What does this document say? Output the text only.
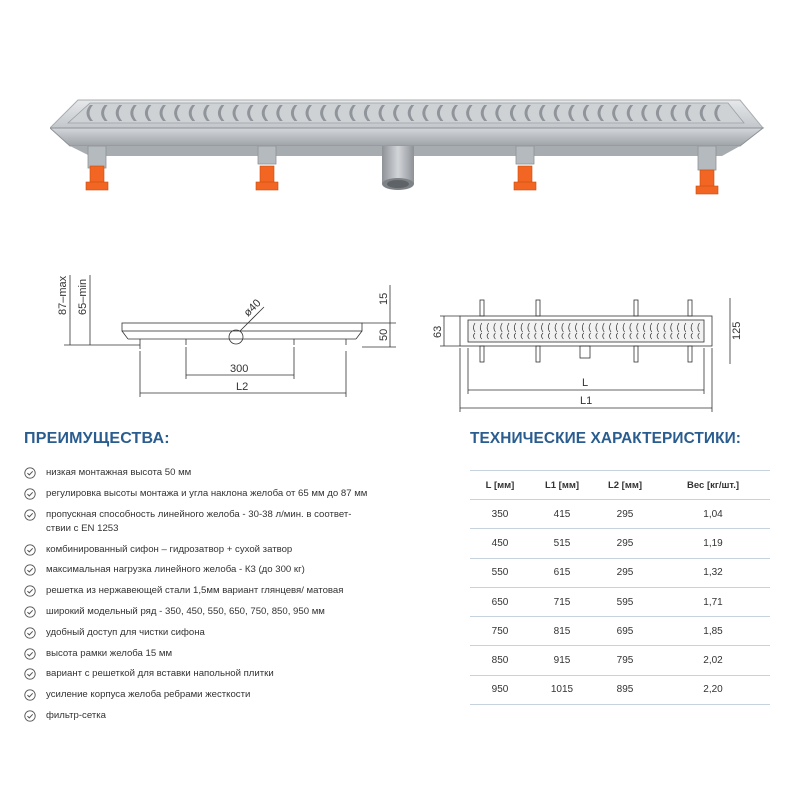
87–max 65–min	15
50
ø40
300
L2
63	125
L
L1
ПРЕИМУЩЕСТВА:
низкая монтажная высота 50 мм
регулировка высоты монтажа и угла наклона желоба от 65 мм до 87 мм
пропускная способность линейного желоба - 30-38 л/мин. в соответ-
ствии с EN 1253
комбинированный сифон – гидрозатвор + сухой затвор
максимальная нагрузка линейного желоба - К3 (до 300 кг)
решетка из нержавеющей стали 1,5мм вариант глянцевя/ матовая
широкий модельный ряд - 350, 450, 550, 650, 750, 850, 950 мм
удобный доступ для чистки сифона
высота рамки желоба 15 мм
вариант с решеткой для вставки напольной плитки
усиление корпуса желоба ребрами жесткости
фильтр-сетка
ТЕХНИЧЕСКИЕ ХАРАКТЕРИСТИКИ:
L [мм]	L1 [мм]	L2 [мм]	Вес [кг/шт.]
350	415	295	1,04
450	515	295	1,19
550	615	295	1,32
650	715	595	1,71
750	815	695	1,85
850	915	795	2,02
950	1015	895	2,20
